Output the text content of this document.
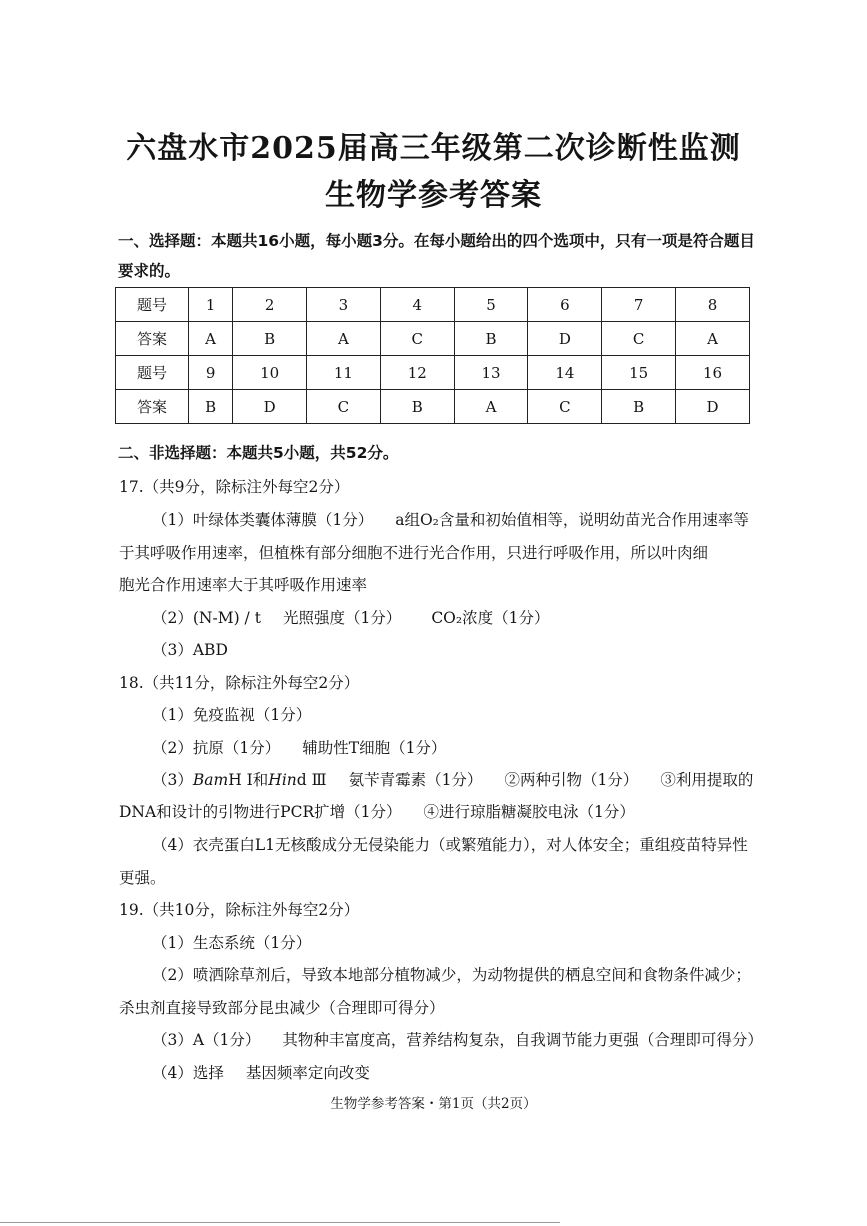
六盘水市2025届高三年级第二次诊断性监测
生物学参考答案
一、选择题：本题共16小题，每小题3分。在每小题给出的四个选项中，只有一项是符合题目要求的。
题号	1	2	3	4	5	6	7	8
答案	A	B	A	C	B	D	C	A
题号	9	10	11	12	13	14	15	16
答案	B	D	C	B	A	C	B	D
二、非选择题：本题共5小题，共52分。
17.（共9分，除标注外每空2分）
（1）叶绿体类囊体薄膜（1分） a组O₂含量和初始值相等，说明幼苗光合作用速率等
于其呼吸作用速率，但植株有部分细胞不进行光合作用，只进行呼吸作用，所以叶肉细
胞光合作用速率大于其呼吸作用速率
（2）(N-M) / t 光照强度（1分） CO₂浓度（1分）
（3）ABD
18.（共11分，除标注外每空2分）
（1）免疫监视（1分）
（2）抗原（1分） 辅助性T细胞（1分）
（3）BamH Ⅰ和Hind Ⅲ 氨苄青霉素（1分） ②两种引物（1分） ③利用提取的
DNA和设计的引物进行PCR扩增（1分） ④进行琼脂糖凝胶电泳（1分）
（4）衣壳蛋白L1无核酸成分无侵染能力（或繁殖能力），对人体安全；重组疫苗特异性
更强。
19.（共10分，除标注外每空2分）
（1）生态系统（1分）
（2）喷洒除草剂后，导致本地部分植物减少，为动物提供的栖息空间和食物条件减少；
杀虫剂直接导致部分昆虫减少（合理即可得分）
（3）A（1分） 其物种丰富度高，营养结构复杂，自我调节能力更强（合理即可得分）
（4）选择 基因频率定向改变
生物学参考答案・第1页（共2页）
